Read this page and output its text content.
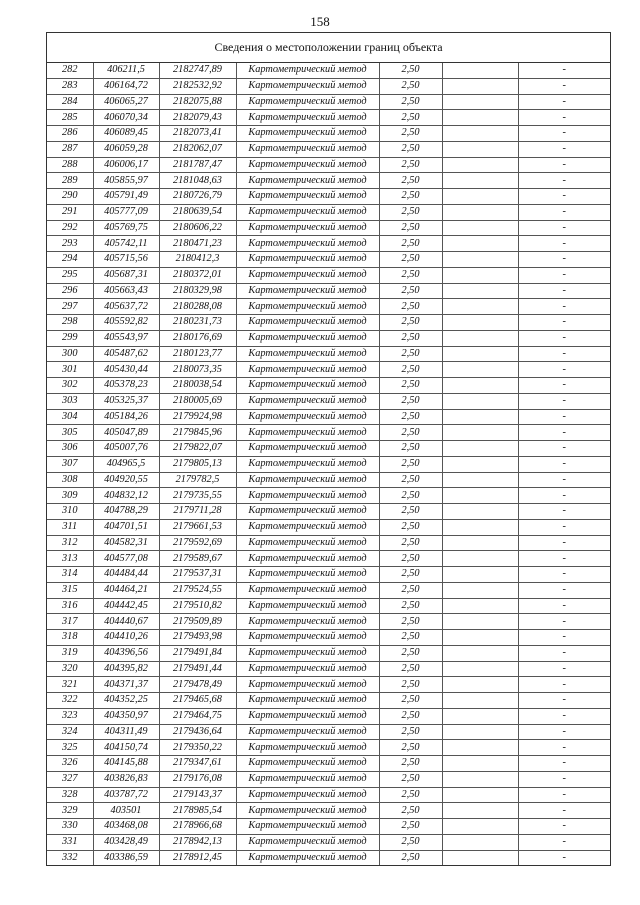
158
Сведения о местоположении границ объекта
282	406211,5	2182747,89	Картометрический метод	2,50		-
283	406164,72	2182532,92	Картометрический метод	2,50		-
284	406065,27	2182075,88	Картометрический метод	2,50		-
285	406070,34	2182079,43	Картометрический метод	2,50		-
286	406089,45	2182073,41	Картометрический метод	2,50		-
287	406059,28	2182062,07	Картометрический метод	2,50		-
288	406006,17	2181787,47	Картометрический метод	2,50		-
289	405855,97	2181048,63	Картометрический метод	2,50		-
290	405791,49	2180726,79	Картометрический метод	2,50		-
291	405777,09	2180639,54	Картометрический метод	2,50		-
292	405769,75	2180606,22	Картометрический метод	2,50		-
293	405742,11	2180471,23	Картометрический метод	2,50		-
294	405715,56	2180412,3	Картометрический метод	2,50		-
295	405687,31	2180372,01	Картометрический метод	2,50		-
296	405663,43	2180329,98	Картометрический метод	2,50		-
297	405637,72	2180288,08	Картометрический метод	2,50		-
298	405592,82	2180231,73	Картометрический метод	2,50		-
299	405543,97	2180176,69	Картометрический метод	2,50		-
300	405487,62	2180123,77	Картометрический метод	2,50		-
301	405430,44	2180073,35	Картометрический метод	2,50		-
302	405378,23	2180038,54	Картометрический метод	2,50		-
303	405325,37	2180005,69	Картометрический метод	2,50		-
304	405184,26	2179924,98	Картометрический метод	2,50		-
305	405047,89	2179845,96	Картометрический метод	2,50		-
306	405007,76	2179822,07	Картометрический метод	2,50		-
307	404965,5	2179805,13	Картометрический метод	2,50		-
308	404920,55	2179782,5	Картометрический метод	2,50		-
309	404832,12	2179735,55	Картометрический метод	2,50		-
310	404788,29	2179711,28	Картометрический метод	2,50		-
311	404701,51	2179661,53	Картометрический метод	2,50		-
312	404582,31	2179592,69	Картометрический метод	2,50		-
313	404577,08	2179589,67	Картометрический метод	2,50		-
314	404484,44	2179537,31	Картометрический метод	2,50		-
315	404464,21	2179524,55	Картометрический метод	2,50		-
316	404442,45	2179510,82	Картометрический метод	2,50		-
317	404440,67	2179509,89	Картометрический метод	2,50		-
318	404410,26	2179493,98	Картометрический метод	2,50		-
319	404396,56	2179491,84	Картометрический метод	2,50		-
320	404395,82	2179491,44	Картометрический метод	2,50		-
321	404371,37	2179478,49	Картометрический метод	2,50		-
322	404352,25	2179465,68	Картометрический метод	2,50		-
323	404350,97	2179464,75	Картометрический метод	2,50		-
324	404311,49	2179436,64	Картометрический метод	2,50		-
325	404150,74	2179350,22	Картометрический метод	2,50		-
326	404145,88	2179347,61	Картометрический метод	2,50		-
327	403826,83	2179176,08	Картометрический метод	2,50		-
328	403787,72	2179143,37	Картометрический метод	2,50		-
329	403501	2178985,54	Картометрический метод	2,50		-
330	403468,08	2178966,68	Картометрический метод	2,50		-
331	403428,49	2178942,13	Картометрический метод	2,50		-
332	403386,59	2178912,45	Картометрический метод	2,50		-
